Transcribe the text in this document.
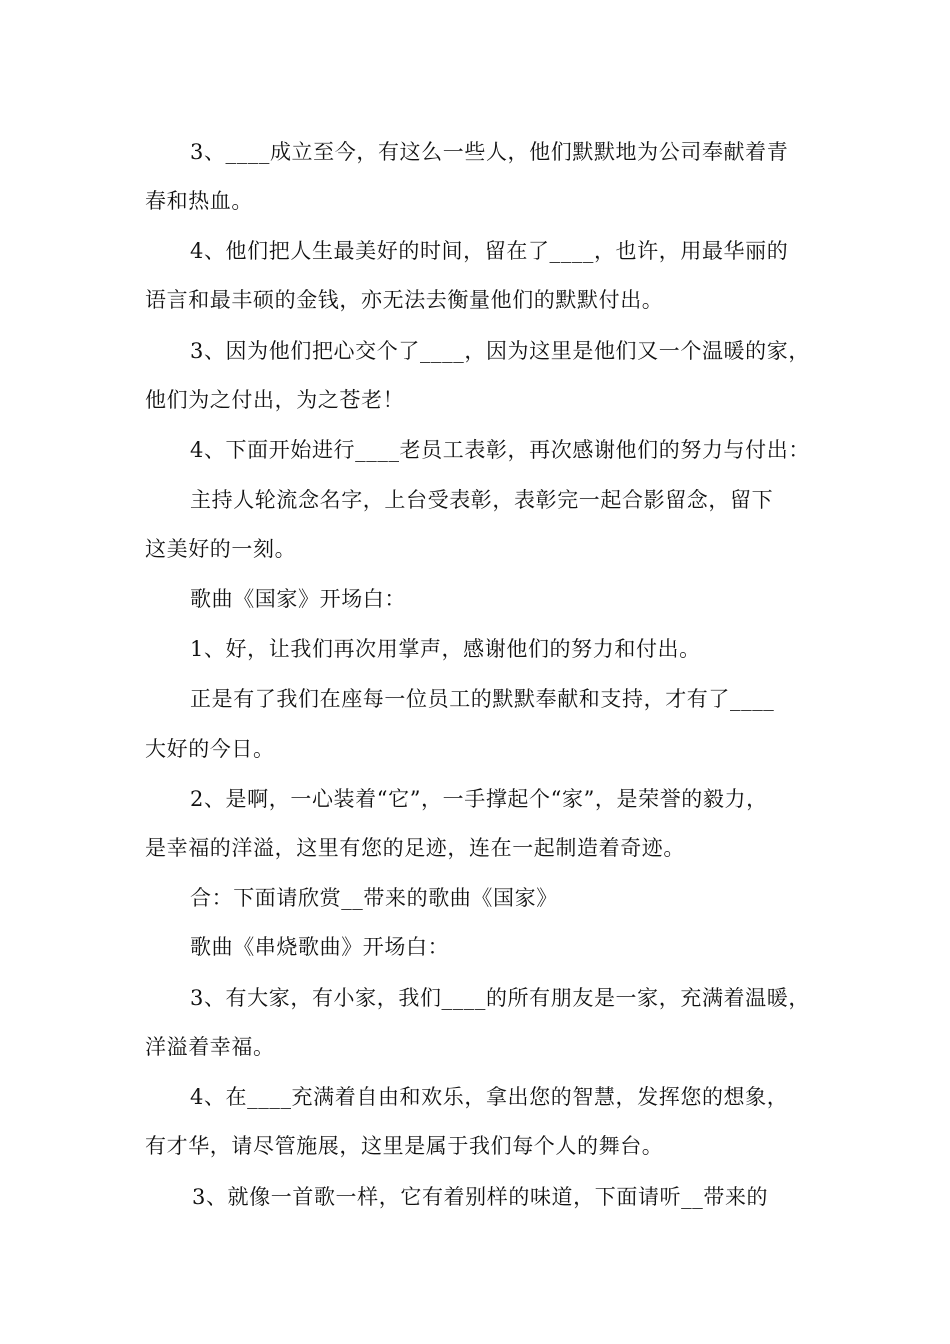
3、____成立至今，有这么一些人，他们默默地为公司奉献着青
春和热血。
4、他们把人生最美好的时间，留在了____，也许，用最华丽的
语言和最丰硕的金钱，亦无法去衡量他们的默默付出。
3、因为他们把心交个了____，因为这里是他们又一个温暖的家，
他们为之付出，为之苍老！
4、下面开始进行____老员工表彰，再次感谢他们的努力与付出：
主持人轮流念名字，上台受表彰，表彰完一起合影留念，留下
这美好的一刻。
歌曲《国家》开场白：
1、好，让我们再次用掌声，感谢他们的努力和付出。
正是有了我们在座每一位员工的默默奉献和支持，才有了____
大好的今日。
2、是啊，一心装着“它”，一手撑起个“家”，是荣誉的毅力，
是幸福的洋溢，这里有您的足迹，连在一起制造着奇迹。
合：下面请欣赏__带来的歌曲《国家》
歌曲《串烧歌曲》开场白：
3、有大家，有小家，我们____的所有朋友是一家，充满着温暖，
洋溢着幸福。
4、在____充满着自由和欢乐，拿出您的智慧，发挥您的想象，
有才华，请尽管施展，这里是属于我们每个人的舞台。
3、就像一首歌一样，它有着别样的味道，下面请听__带来的
